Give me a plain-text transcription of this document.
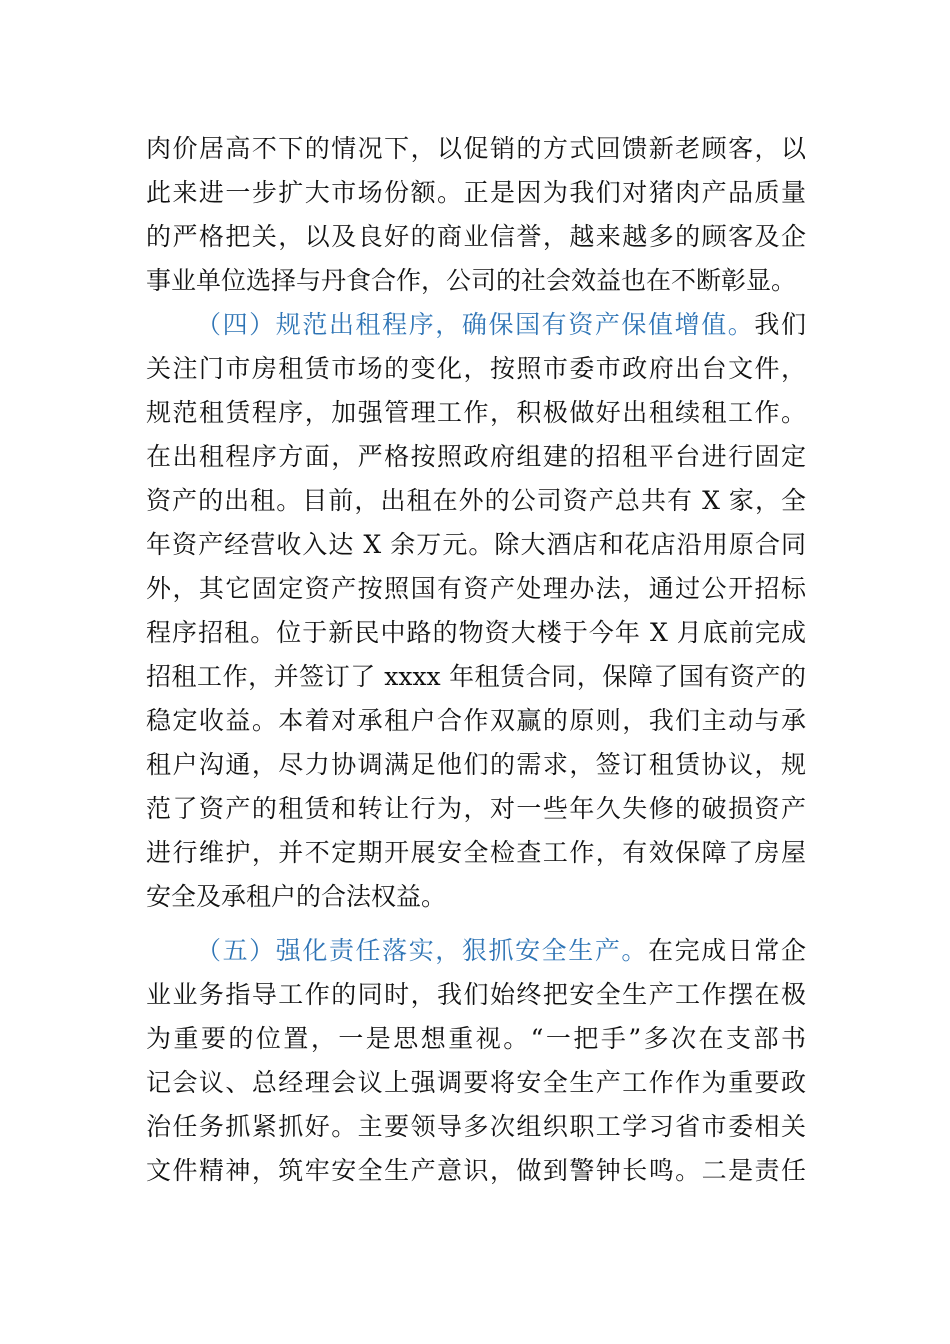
肉价居高不下的情况下，以促销的方式回馈新老顾客，以
此来进一步扩大市场份额。正是因为我们对猪肉产品质量
的严格把关，以及良好的商业信誉，越来越多的顾客及企
事业单位选择与丹食合作，公司的社会效益也在不断彰显。
（四）规范出租程序，确保国有资产保值增值。我们
关注门市房租赁市场的变化，按照市委市政府出台文件，
规范租赁程序，加强管理工作，积极做好出租续租工作。
在出租程序方面，严格按照政府组建的招租平台进行固定
资产的出租。目前，出租在外的公司资产总共有 X 家，全
年资产经营收入达 X 余万元。除大酒店和花店沿用原合同
外，其它固定资产按照国有资产处理办法，通过公开招标
程序招租。位于新民中路的物资大楼于今年 X 月底前完成
招租工作，并签订了 xxxx 年租赁合同，保障了国有资产的
稳定收益。本着对承租户合作双赢的原则，我们主动与承
租户沟通，尽力协调满足他们的需求，签订租赁协议，规
范了资产的租赁和转让行为，对一些年久失修的破损资产
进行维护，并不定期开展安全检查工作，有效保障了房屋
安全及承租户的合法权益。
（五）强化责任落实，狠抓安全生产。在完成日常企
业业务指导工作的同时，我们始终把安全生产工作摆在极
为重要的位置，一是思想重视。“一把手”多次在支部书
记会议、总经理会议上强调要将安全生产工作作为重要政
治任务抓紧抓好。主要领导多次组织职工学习省市委相关
文件精神，筑牢安全生产意识，做到警钟长鸣。二是责任
